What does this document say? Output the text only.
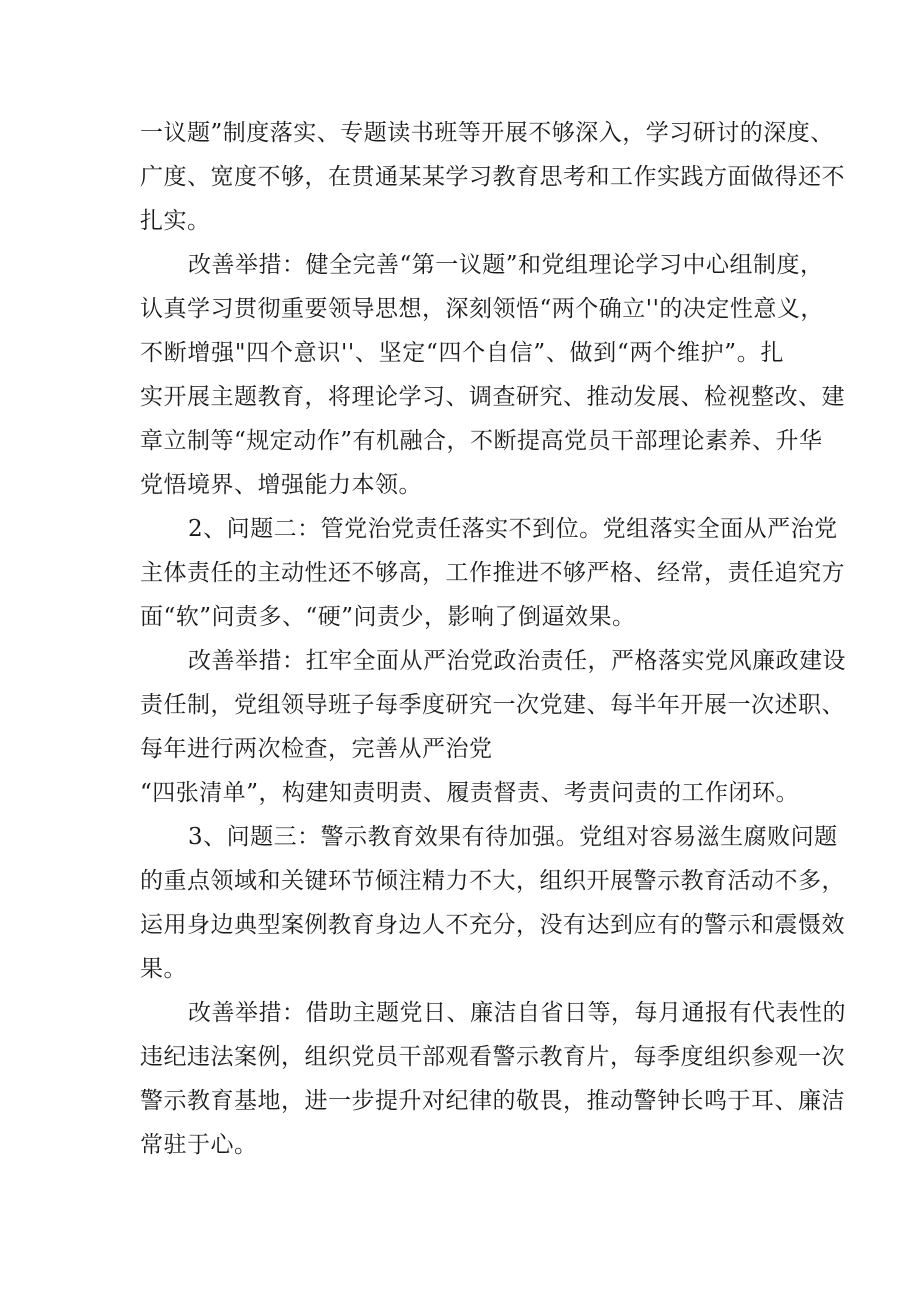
一议题”制度落实、专题读书班等开展不够深入，学习研讨的深度、
广度、宽度不够，在贯通某某学习教育思考和工作实践方面做得还不
扎实。
改善举措：健全完善“第一议题”和党组理论学习中心组制度，
认真学习贯彻重要领导思想，深刻领悟“两个确立''的决定性意义，
不断增强"四个意识''、坚定“四个自信”、做到“两个维护”。扎
实开展主题教育，将理论学习、调查研究、推动发展、检视整改、建
章立制等“规定动作”有机融合，不断提高党员干部理论素养、升华
党悟境界、增强能力本领。
2、问题二：管党治党责任落实不到位。党组落实全面从严治党
主体责任的主动性还不够高，工作推进不够严格、经常，责任追究方
面“软”问责多、“硬”问责少，影响了倒逼效果。
改善举措：扛牢全面从严治党政治责任，严格落实党风廉政建设
责任制，党组领导班子每季度研究一次党建、每半年开展一次述职、
每年进行两次检查，完善从严治党
“四张清单”，构建知责明责、履责督责、考责问责的工作闭环。
3、问题三：警示教育效果有待加强。党组对容易滋生腐败问题
的重点领域和关键环节倾注精力不大，组织开展警示教育活动不多，
运用身边典型案例教育身边人不充分，没有达到应有的警示和震慑效
果。
改善举措：借助主题党日、廉洁自省日等，每月通报有代表性的
违纪违法案例，组织党员干部观看警示教育片，每季度组织参观一次
警示教育基地，进一步提升对纪律的敬畏，推动警钟长鸣于耳、廉洁
常驻于心。
